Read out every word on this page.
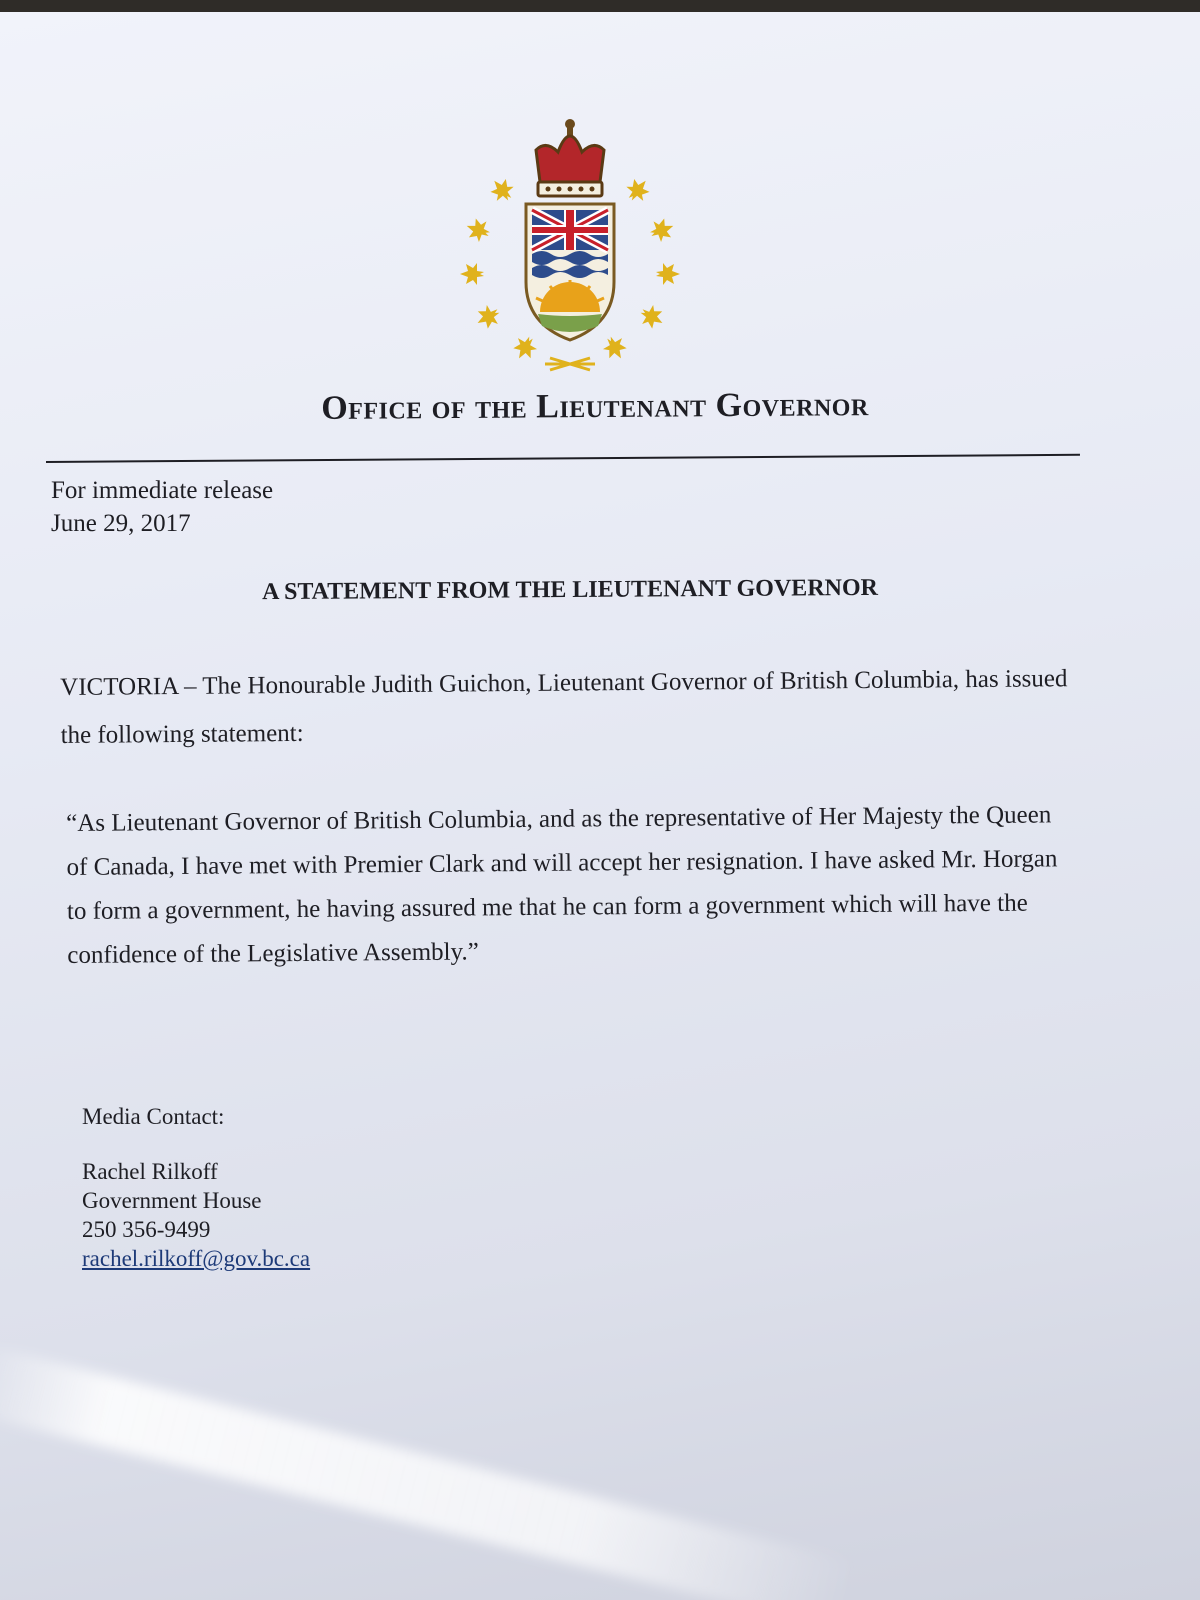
Office of the Lieutenant Governor
For immediate release
June 29, 2017
A STATEMENT FROM THE LIEUTENANT GOVERNOR
VICTORIA – The Honourable Judith Guichon, Lieutenant Governor of British Columbia, has issued the following statement:
“As Lieutenant Governor of British Columbia, and as the representative of Her Majesty the Queen of Canada, I have met with Premier Clark and will accept her resignation. I have asked Mr. Horgan to form a government, he having assured me that he can form a government which will have the confidence of the Legislative Assembly.”
Media Contact:
Rachel Rilkoff
Government House
250 356-9499
rachel.rilkoff@gov.bc.ca
